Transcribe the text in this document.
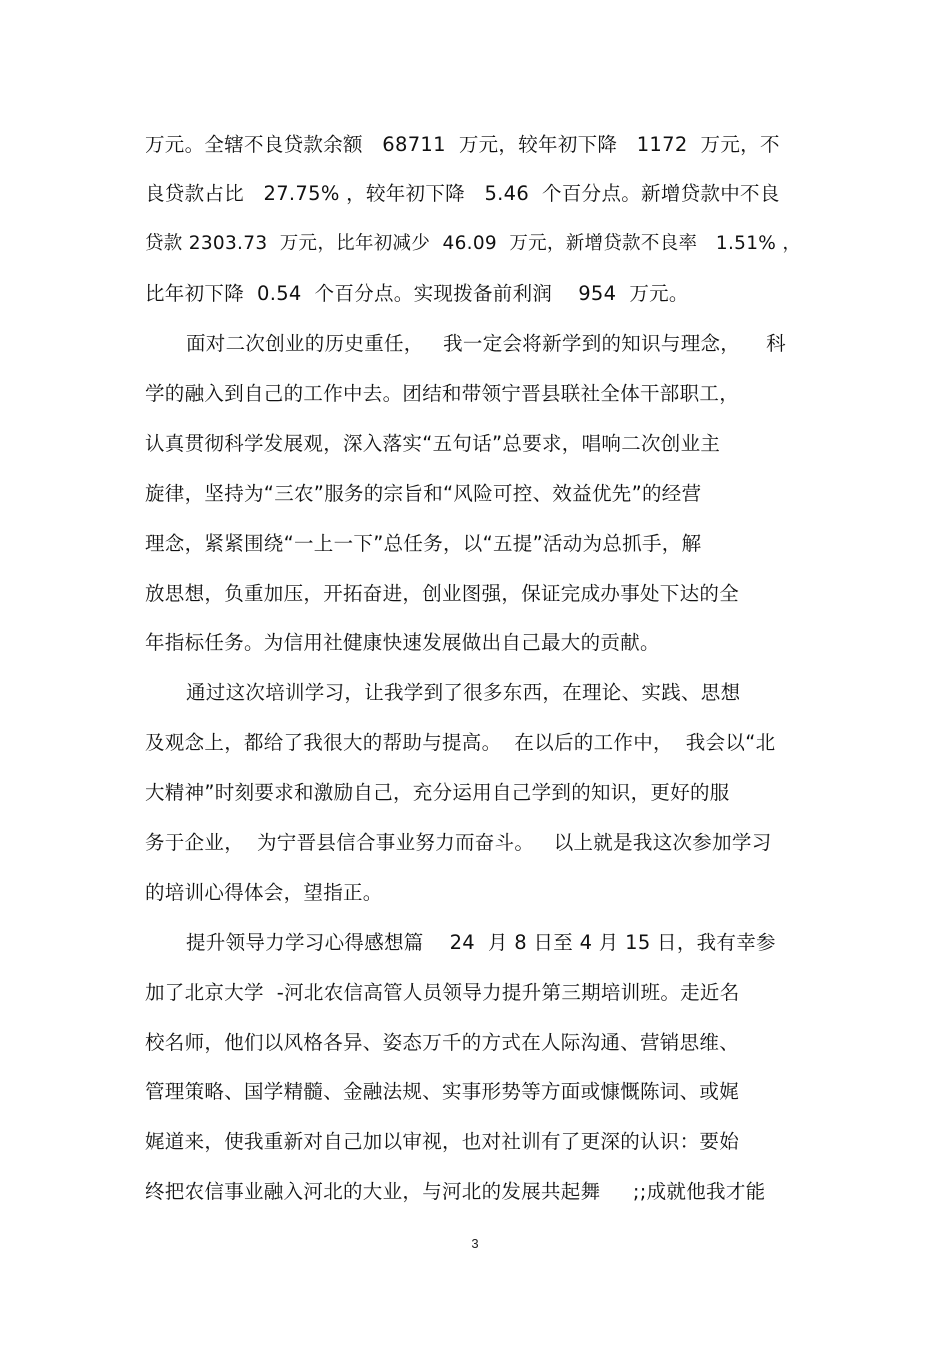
万元。全辖不良贷款余额   68711  万元，较年初下降   1172  万元，不
良贷款占比   27.75% ，较年初下降   5.46  个百分点。新增贷款中不良
贷款 2303.73  万元，比年初减少  46.09  万元，新增贷款不良率   1.51% ，
比年初下降  0.54  个百分点。实现拨备前利润    954  万元。
面对二次创业的历史重任，   我一定会将新学到的知识与理念，    科
学的融入到自己的工作中去。团结和带领宁晋县联社全体干部职工，
认真贯彻科学发展观，深入落实“五句话”总要求，唱响二次创业主
旋律，坚持为“三农”服务的宗旨和“风险可控、效益优先”的经营
理念，紧紧围绕“一上一下”总任务，以“五提”活动为总抓手，解
放思想，负重加压，开拓奋进，创业图强，保证完成办事处下达的全
年指标任务。为信用社健康快速发展做出自己最大的贡献。
通过这次培训学习，让我学到了很多东西，在理论、实践、思想
及观念上，都给了我很大的帮助与提高。  在以后的工作中，  我会以“北
大精神”时刻要求和激励自己，充分运用自己学到的知识，更好的服
务于企业，  为宁晋县信合事业努力而奋斗。   以上就是我这次参加学习
的培训心得体会，望指正。
提升领导力学习心得感想篇    24  月 8 日至 4 月 15 日，我有幸参
加了北京大学  -河北农信高管人员领导力提升第三期培训班。走近名
校名师，他们以风格各异、姿态万千的方式在人际沟通、营销思维、
管理策略、国学精髓、金融法规、实事形势等方面或慷慨陈词、或娓
娓道来，使我重新对自己加以审视，也对社训有了更深的认识：要始
终把农信事业融入河北的大业，与河北的发展共起舞     ;;成就他我才能
3
